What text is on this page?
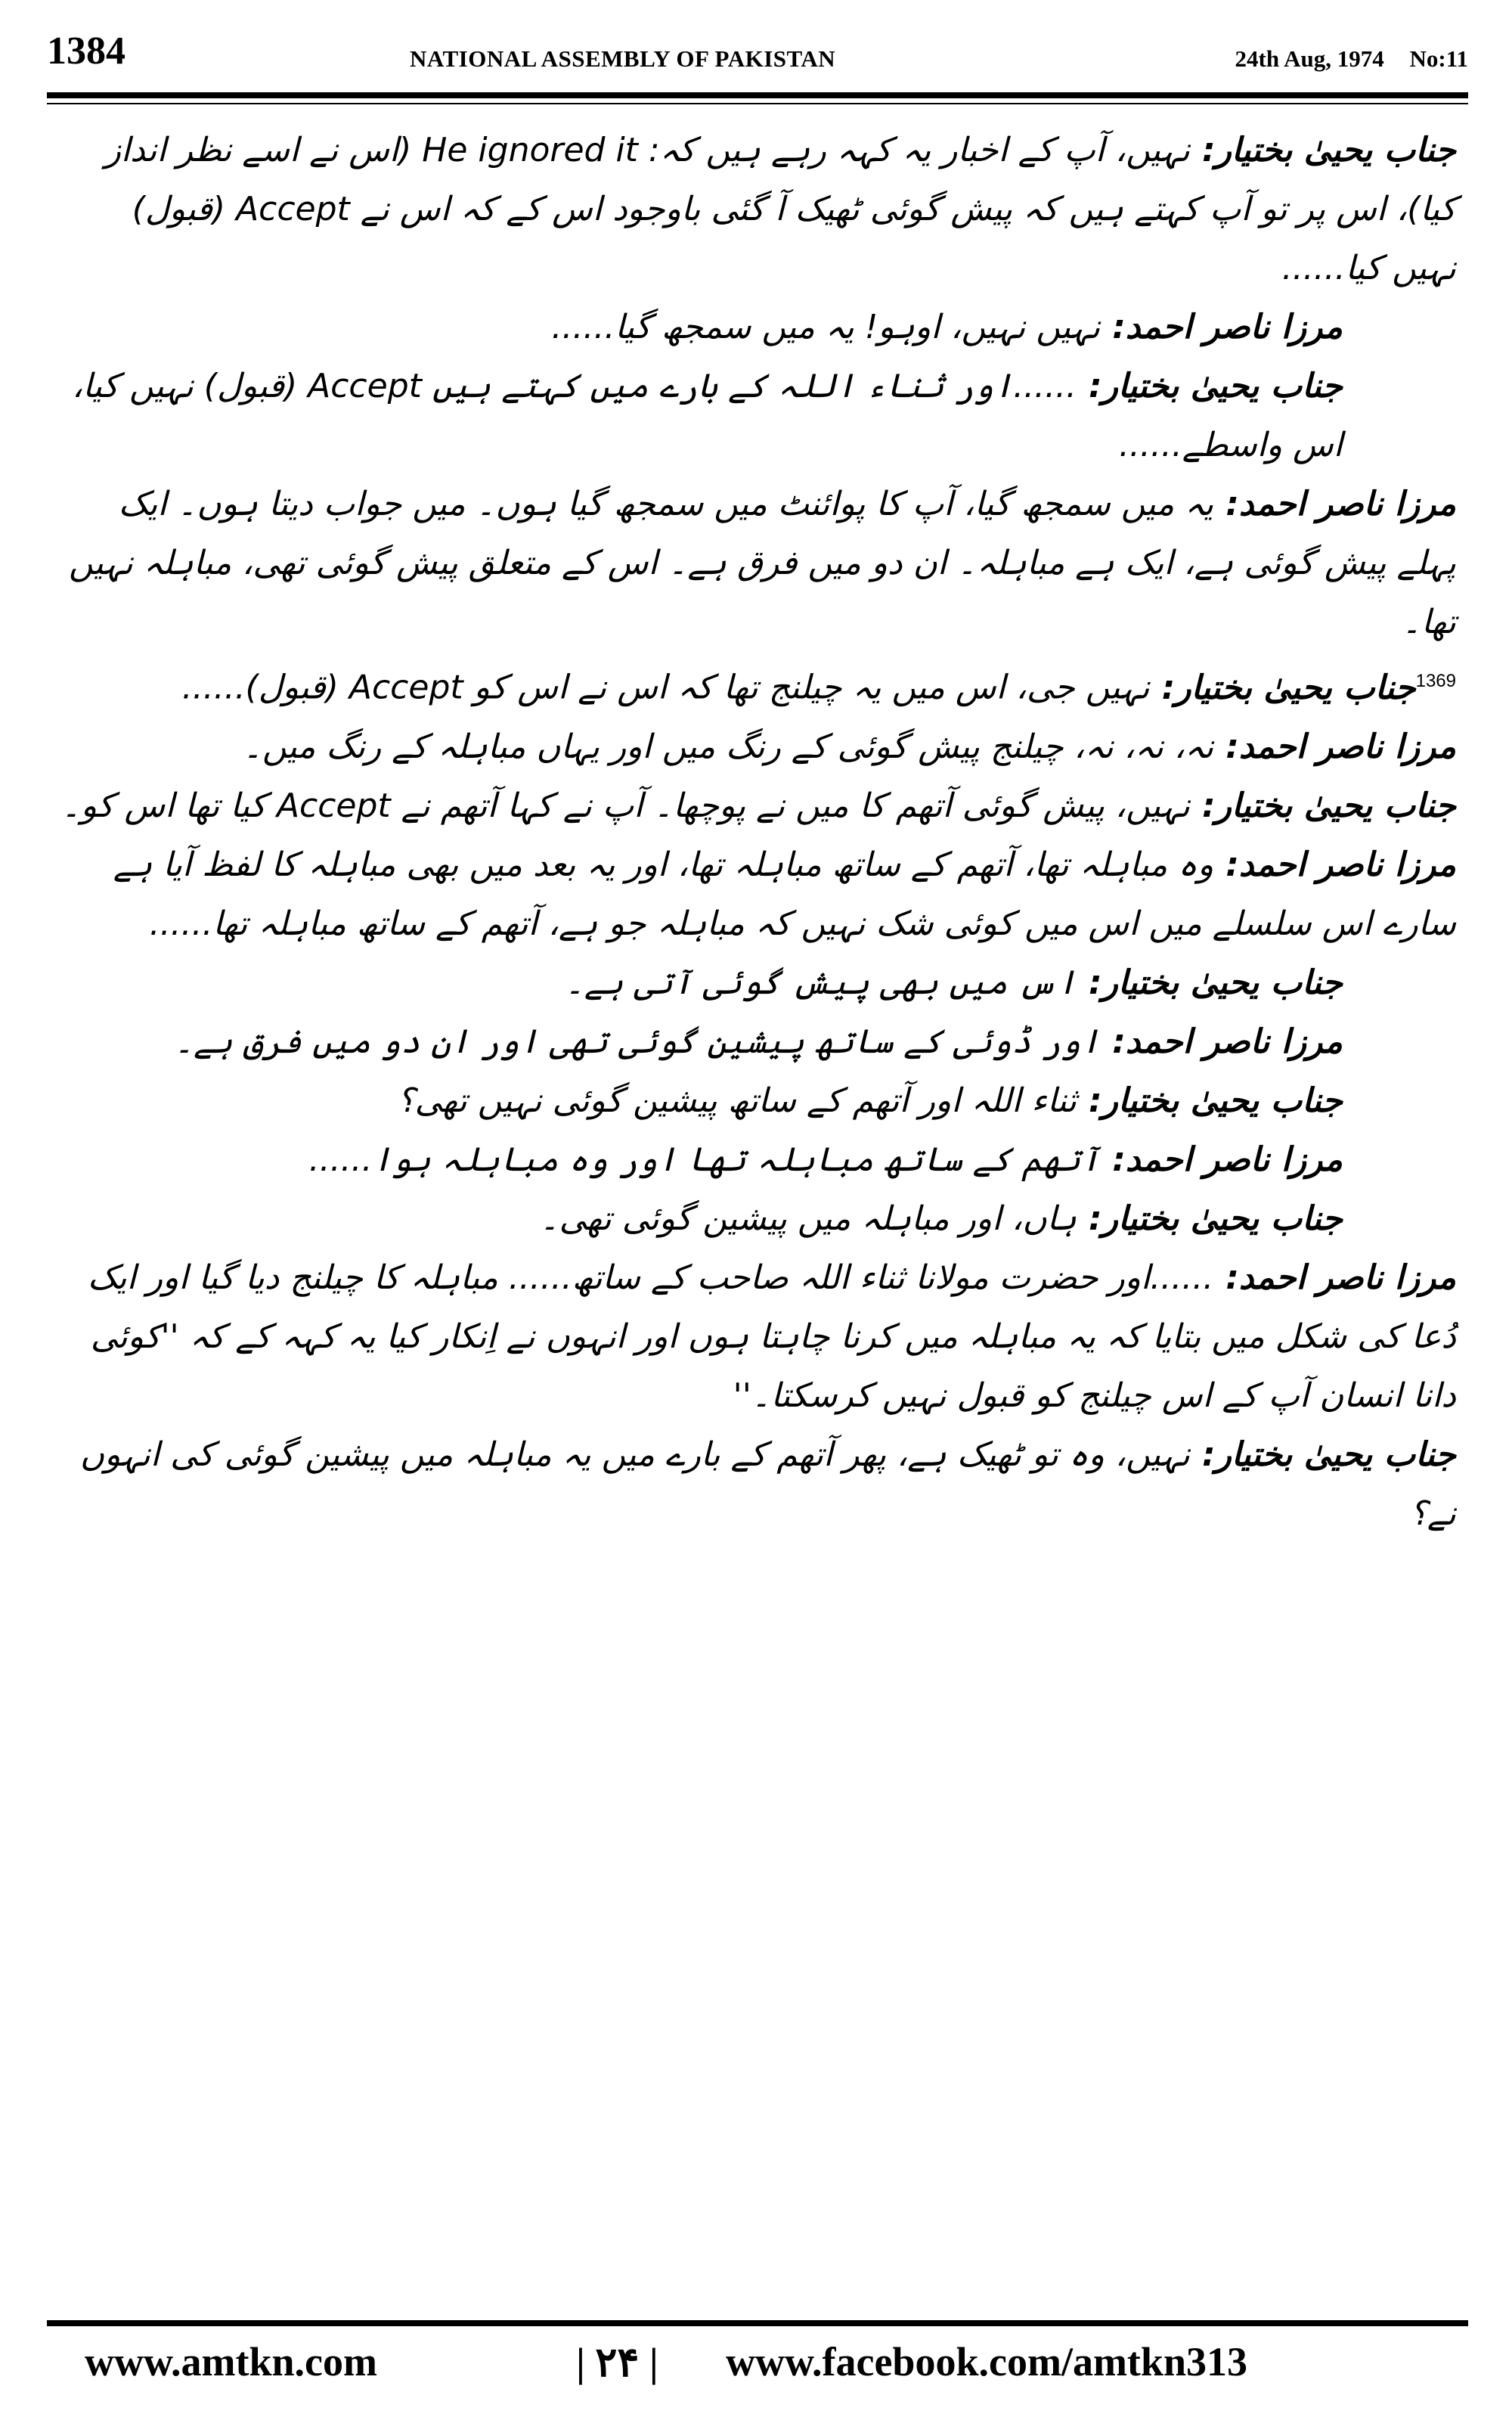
1384	NATIONAL ASSEMBLY OF PAKISTAN	24th Aug, 1974 No:11

جناب یحییٰ بختیار:نہیں، آپ کے اخبار یہ کہہ رہے ہیں کہ: He ignored it (اس نے اسے نظر انداز کیا)، اس پر تو آپ کہتے ہیں کہ پیش گوئی ٹھیک آ گئی باوجود اس کے کہ اس نے Accept (قبول) نہیں کیا......

مرزا ناصر احمد:نہیں نہیں، اوہو! یہ میں سمجھ گیا......

جناب یحییٰ بختیار:......اور ثناء اللہ کے بارے میں کہتے ہیں Accept (قبول) نہیں کیا، اس واسطے......

مرزا ناصر احمد:یہ میں سمجھ گیا، آپ کا پوائنٹ میں سمجھ گیا ہوں۔ میں جواب دیتا ہوں۔ ایک پہلے پیش گوئی ہے، ایک ہے مباہلہ۔ ان دو میں فرق ہے۔ اس کے متعلق پیش گوئی تھی، مباہلہ نہیں تھا۔

$^{1369}$جناب یحییٰ بختیار:نہیں جی، اس میں یہ چیلنج تھا کہ اس نے اس کو Accept (قبول)......

مرزا ناصر احمد:نہ، نہ، نہ، چیلنج پیش گوئی کے رنگ میں اور یہاں مباہلہ کے رنگ میں۔

جناب یحییٰ بختیار:نہیں، پیش گوئی آتھم کا میں نے پوچھا۔ آپ نے کہا آتھم نے Accept کیا تھا اس کو۔

مرزا ناصر احمد:وہ مباہلہ تھا، آتھم کے ساتھ مباہلہ تھا، اور یہ بعد میں بھی مباہلہ کا لفظ آیا ہے سارے اس سلسلے میں اس میں کوئی شک نہیں کہ مباہلہ جو ہے، آتھم کے ساتھ مباہلہ تھا......

جناب یحییٰ بختیار:اس میں بھی پیش گوئی آتی ہے۔

مرزا ناصر احمد:اور ڈوئی کے ساتھ پیشین گوئی تھی اور ان دو میں فرق ہے۔

جناب یحییٰ بختیار:ثناء اللہ اور آتھم کے ساتھ پیشین گوئی نہیں تھی؟

مرزا ناصر احمد:آتھم کے ساتھ مباہلہ تھا اور وہ مباہلہ ہوا......

جناب یحییٰ بختیار:ہاں، اور مباہلہ میں پیشین گوئی تھی۔

مرزا ناصر احمد:......اور حضرت مولانا ثناء اللہ صاحب کے ساتھ...... مباہلہ کا چیلنج دیا گیا اور ایک دُعا کی شکل میں بتایا کہ یہ مباہلہ میں کرنا چاہتا ہوں اور انہوں نے اِنکار کیا یہ کہہ کے کہ ''کوئی دانا انسان آپ کے اس چیلنج کو قبول نہیں کرسکتا۔''

جناب یحییٰ بختیار:نہیں، وہ تو ٹھیک ہے، پھر آتھم کے بارے میں یہ مباہلہ میں پیشین گوئی کی انہوں نے؟

www.amtkn.com	| ۲۴ | www.facebook.com/amtkn313
